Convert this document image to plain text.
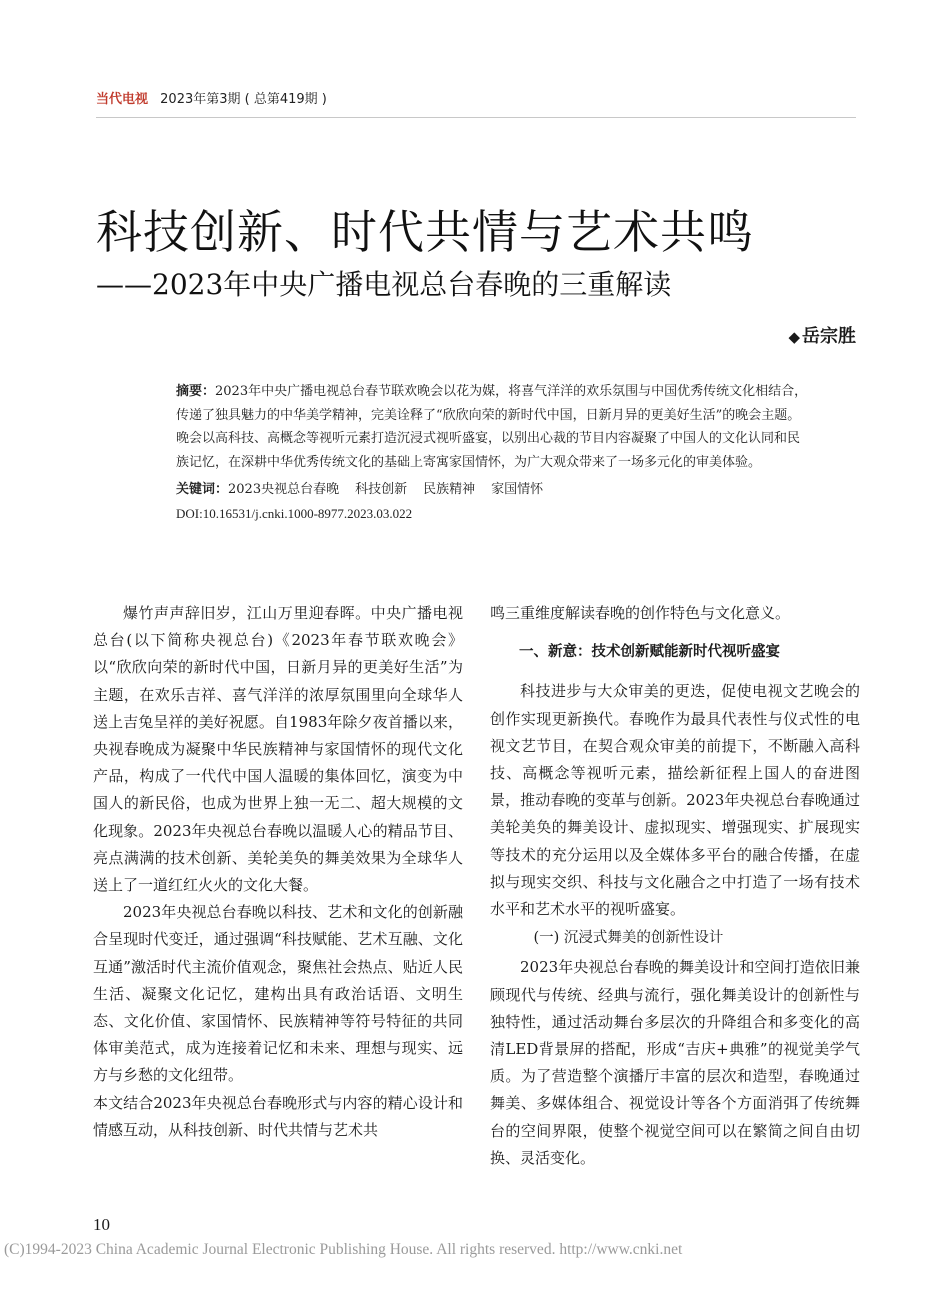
当代电视 2023年第3期 ( 总第419期 )
科技创新、时代共情与艺术共鸣
——2023年中央广播电视总台春晚的三重解读
◆ 岳宗胜
摘要：2023年中央广播电视总台春节联欢晚会以花为媒，将喜气洋洋的欢乐氛围与中国优秀传统文化相结合，传递了独具魅力的中华美学精神，完美诠释了“欣欣向荣的新时代中国，日新月异的更美好生活”的晚会主题。晚会以高科技、高概念等视听元素打造沉浸式视听盛宴，以别出心裁的节目内容凝聚了中国人的文化认同和民族记忆，在深耕中华优秀传统文化的基础上寄寓家国情怀，为广大观众带来了一场多元化的审美体验。
关键词：2023央视总台春晚 科技创新 民族精神 家国情怀
DOI:10.16531/j.cnki.1000-8977.2023.03.022

爆竹声声辞旧岁，江山万里迎春晖。中央广播电视总台(以下简称央视总台)《2023年春节联欢晚会》以“欣欣向荣的新时代中国，日新月异的更美好生活”为主题，在欢乐吉祥、喜气洋洋的浓厚氛围里向全球华人送上吉兔呈祥的美好祝愿。自1983年除夕夜首播以来，央视春晚成为凝聚中华民族精神与家国情怀的现代文化产品，构成了一代代中国人温暖的集体回忆，演变为中国人的新民俗，也成为世界上独一无二、超大规模的文化现象。2023年央视总台春晚以温暖人心的精品节目、亮点满满的技术创新、美轮美奂的舞美效果为全球华人送上了一道红红火火的文化大餐。

2023年央视总台春晚以科技、艺术和文化的创新融合呈现时代变迁，通过强调“科技赋能、艺术互融、文化互通”激活时代主流价值观念，聚焦社会热点、贴近人民生活、凝聚文化记忆，建构出具有政治话语、文明生态、文化价值、家国情怀、民族精神等符号特征的共同体审美范式，成为连接着记忆和未来、理想与现实、远方与乡愁的文化纽带。

本文结合2023年央视总台春晚形式与内容的精心设计和情感互动，从科技创新、时代共情与艺术共

鸣三重维度解读春晚的创作特色与文化意义。

一、新意：技术创新赋能新时代视听盛宴

科技进步与大众审美的更迭，促使电视文艺晚会的创作实现更新换代。春晚作为最具代表性与仪式性的电视文艺节目，在契合观众审美的前提下，不断融入高科技、高概念等视听元素，描绘新征程上国人的奋进图景，推动春晚的变革与创新。2023年央视总台春晚通过美轮美奂的舞美设计、虚拟现实、增强现实、扩展现实等技术的充分运用以及全媒体多平台的融合传播，在虚拟与现实交织、科技与文化融合之中打造了一场有技术水平和艺术水平的视听盛宴。

(一) 沉浸式舞美的创新性设计

2023年央视总台春晚的舞美设计和空间打造依旧兼顾现代与传统、经典与流行，强化舞美设计的创新性与独特性，通过活动舞台多层次的升降组合和多变化的高清LED背景屏的搭配，形成“吉庆+典雅”的视觉美学气质。为了营造整个演播厅丰富的层次和造型，春晚通过舞美、多媒体组合、视觉设计等各个方面消弭了传统舞台的空间界限，使整个视觉空间可以在繁简之间自由切换、灵活变化。

10
(C)1994-2023 China Academic Journal Electronic Publishing House. All rights reserved. http://www.cnki.net
